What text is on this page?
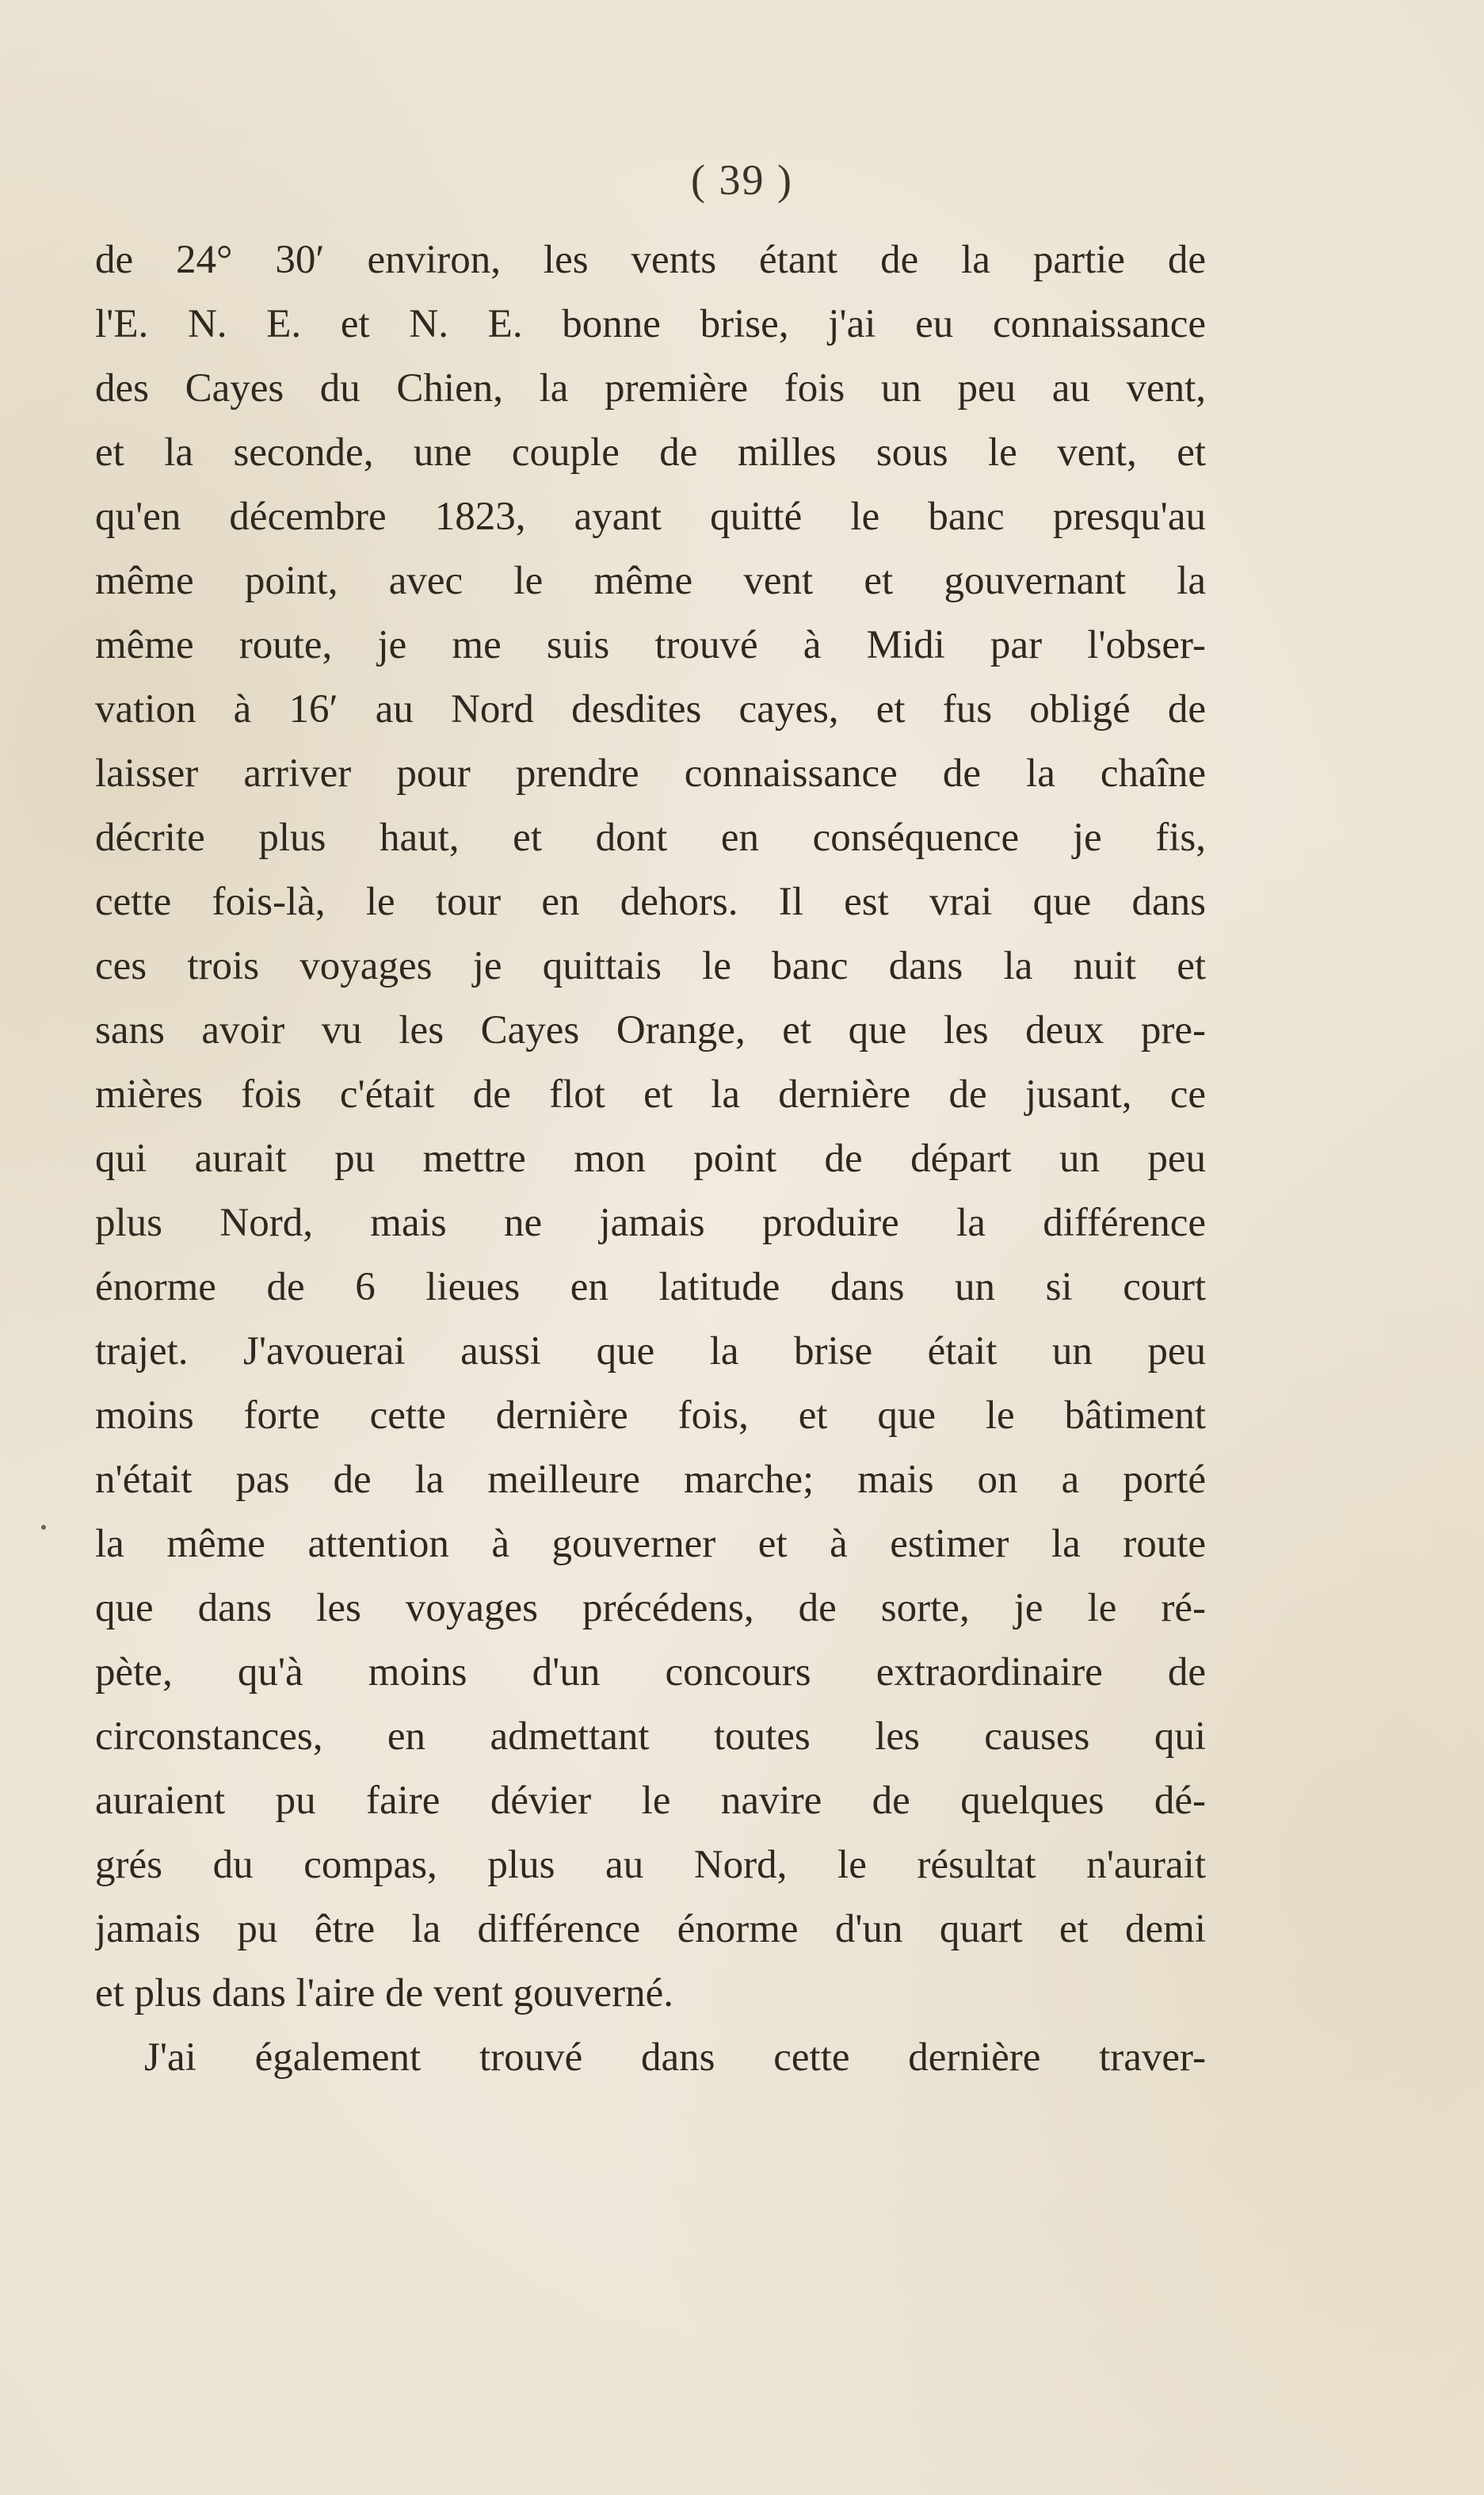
( 39 )
de 24° 30′ environ, les vents étant de la partie de
l'E. N. E. et N. E. bonne brise, j'ai eu connaissance
des Cayes du Chien, la première fois un peu au vent,
et la seconde, une couple de milles sous le vent, et
qu'en décembre 1823, ayant quitté le banc presqu'au
même point, avec le même vent et gouvernant la
même route, je me suis trouvé à Midi par l'obser-
vation à 16′ au Nord desdites cayes, et fus obligé de
laisser arriver pour prendre connaissance de la chaîne
décrite plus haut, et dont en conséquence je fis,
cette fois-là, le tour en dehors. Il est vrai que dans
ces trois voyages je quittais le banc dans la nuit et
sans avoir vu les Cayes Orange, et que les deux pre-
mières fois c'était de flot et la dernière de jusant, ce
qui aurait pu mettre mon point de départ un peu
plus Nord, mais ne jamais produire la différence
énorme de 6 lieues en latitude dans un si court
trajet. J'avouerai aussi que la brise était un peu
moins forte cette dernière fois, et que le bâtiment
n'était pas de la meilleure marche; mais on a porté
la même attention à gouverner et à estimer la route
que dans les voyages précédens, de sorte, je le ré-
pète, qu'à moins d'un concours extraordinaire de
circonstances, en admettant toutes les causes qui
auraient pu faire dévier le navire de quelques dé-
grés du compas, plus au Nord, le résultat n'aurait
jamais pu être la différence énorme d'un quart et demi
et plus dans l'aire de vent gouverné.
J'ai également trouvé dans cette dernière traver-
